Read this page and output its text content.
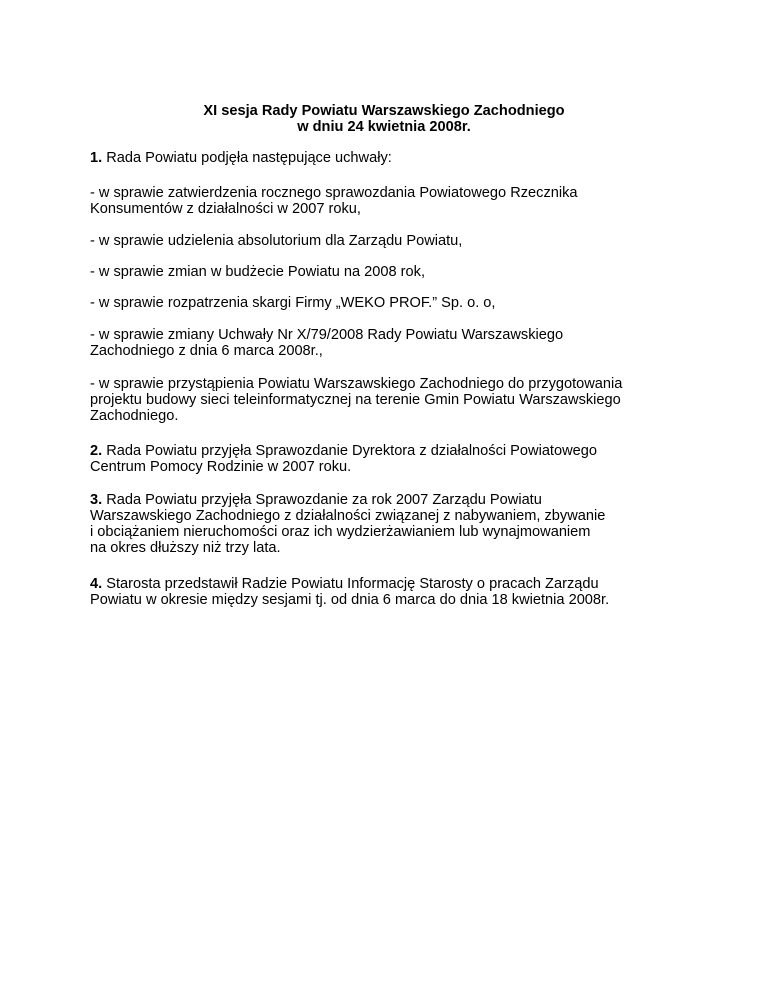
XI sesja Rady Powiatu Warszawskiego Zachodniego
w dniu 24 kwietnia 2008r.
1. Rada Powiatu podjęła następujące uchwały:
- w sprawie zatwierdzenia rocznego sprawozdania Powiatowego Rzecznika
Konsumentów z działalności w 2007 roku,
- w sprawie udzielenia absolutorium dla Zarządu Powiatu,
- w sprawie zmian w budżecie Powiatu na 2008 rok,
- w sprawie rozpatrzenia skargi Firmy „WEKO PROF.” Sp. o. o,
- w sprawie zmiany Uchwały Nr X/79/2008 Rady Powiatu Warszawskiego
Zachodniego z dnia 6 marca 2008r.,
- w sprawie przystąpienia Powiatu Warszawskiego Zachodniego do przygotowania
projektu budowy sieci teleinformatycznej na terenie Gmin Powiatu Warszawskiego
Zachodniego.
2. Rada Powiatu przyjęła Sprawozdanie Dyrektora z działalności Powiatowego
Centrum Pomocy Rodzinie w 2007 roku.
3. Rada Powiatu przyjęła Sprawozdanie za rok 2007 Zarządu Powiatu
Warszawskiego Zachodniego z działalności związanej z nabywaniem, zbywanie
i obciążaniem nieruchomości oraz ich wydzierżawianiem lub wynajmowaniem
na okres dłuższy niż trzy lata.
4. Starosta przedstawił Radzie Powiatu Informację Starosty o pracach Zarządu
Powiatu w okresie między sesjami tj. od dnia 6 marca do dnia 18 kwietnia 2008r.
